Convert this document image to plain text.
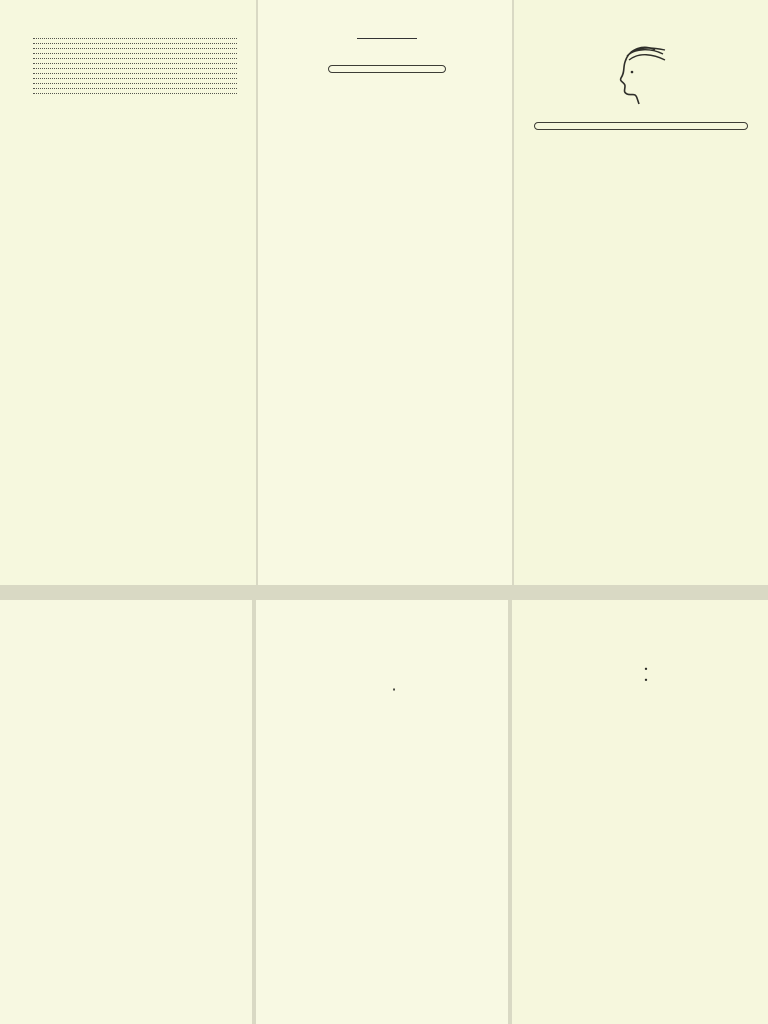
·
•
•
